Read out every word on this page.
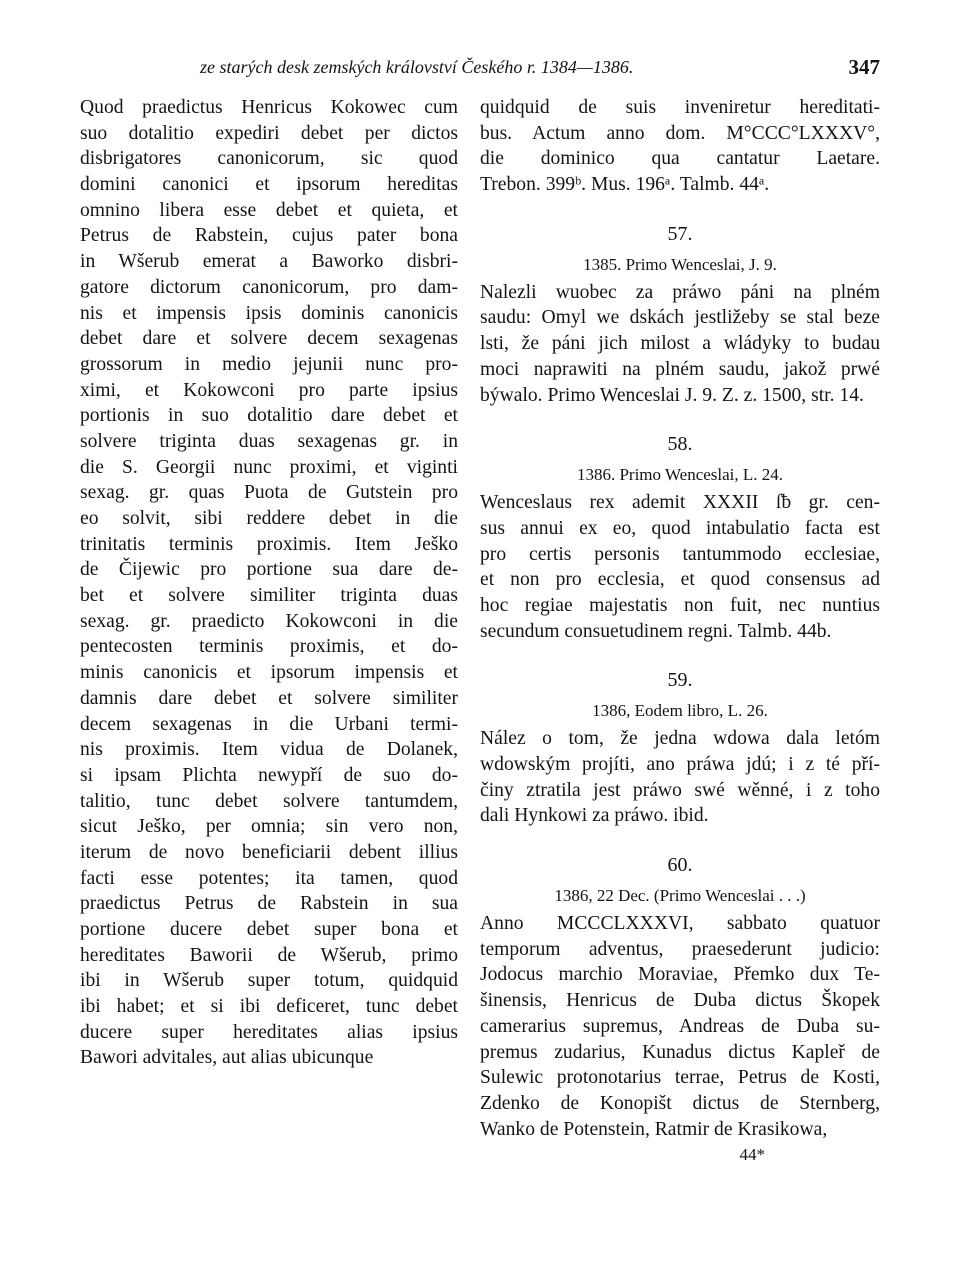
ze starých desk zemských království Českého r. 1384—1386.	347
Quod praedictus Henricus Kokowec cum
suo dotalitio expediri debet per dictos
disbrigatores canonicorum, sic quod
domini canonici et ipsorum hereditas
omnino libera esse debet et quieta, et
Petrus de Rabstein, cujus pater bona
in Wšerub emerat a Baworko disbri-
gatore dictorum canonicorum, pro dam-
nis et impensis ipsis dominis canonicis
debet dare et solvere decem sexagenas
grossorum in medio jejunii nunc pro-
ximi, et Kokowconi pro parte ipsius
portionis in suo dotalitio dare debet et
solvere triginta duas sexagenas gr. in
die S. Georgii nunc proximi, et viginti
sexag. gr. quas Puota de Gutstein pro
eo solvit, sibi reddere debet in die
trinitatis terminis proximis. Item Ješko
de Čijewic pro portione sua dare de-
bet et solvere similiter triginta duas
sexag. gr. praedicto Kokowconi in die
pentecosten terminis proximis, et do-
minis canonicis et ipsorum impensis et
damnis dare debet et solvere similiter
decem sexagenas in die Urbani termi-
nis proximis. Item vidua de Dolanek,
si ipsam Plichta newypří de suo do-
talitio, tunc debet solvere tantumdem,
sicut Ješko, per omnia; sin vero non,
iterum de novo beneficiarii debent illius
facti esse potentes; ita tamen, quod
praedictus Petrus de Rabstein in sua
portione ducere debet super bona et
hereditates Baworii de Wšerub, primo
ibi in Wšerub super totum, quidquid
ibi habet; et si ibi deficeret, tunc debet
ducere super hereditates alias ipsius
Bawori advitales, aut alias ubicunque
quidquid de suis inveniretur hereditati-
bus. Actum anno dom. M°CCC°LXXXV°,
die dominico qua cantatur Laetare.
Trebon. 399ᵇ. Mus. 196ᵃ. Talmb. 44ᵃ.
57.
1385. Primo Wenceslai, J. 9.
Nalezli wuobec za práwo páni na plném
saudu: Omyl we dskách jestližeby se stal beze
lsti, že páni jich milost a wládyky to budau
moci naprawiti na plném saudu, jakož prwé
býwalo. Primo Wenceslai J. 9. Z. z. 1500, str. 14.
58.
1386. Primo Wenceslai, L. 24.
Wenceslaus rex ademit XXXII ſƀ gr. cen-
sus annui ex eo, quod intabulatio facta est
pro certis personis tantummodo ecclesiae,
et non pro ecclesia, et quod consensus ad
hoc regiae majestatis non fuit, nec nuntius
secundum consuetudinem regni. Talmb. 44b.
59.
1386, Eodem libro, L. 26.
Nález o tom, že jedna wdowa dala letóm
wdowským projíti, ano práwa jdú; i z té pří-
činy ztratila jest práwo swé wěnné, i z toho
dali Hynkowi za práwo. ibid.
60.
1386, 22 Dec. (Primo Wenceslai . . .)
Anno MCCCLXXXVI, sabbato quatuor
temporum adventus, praesederunt judicio:
Jodocus marchio Moraviae, Přemko dux Te-
šinensis, Henricus de Duba dictus Škopek
camerarius supremus, Andreas de Duba su-
premus zudarius, Kunadus dictus Kapleř de
Sulewic protonotarius terrae, Petrus de Kosti,
Zdenko de Konopišt dictus de Sternberg,
Wanko de Potenstein, Ratmir de Krasikowa,
44*
